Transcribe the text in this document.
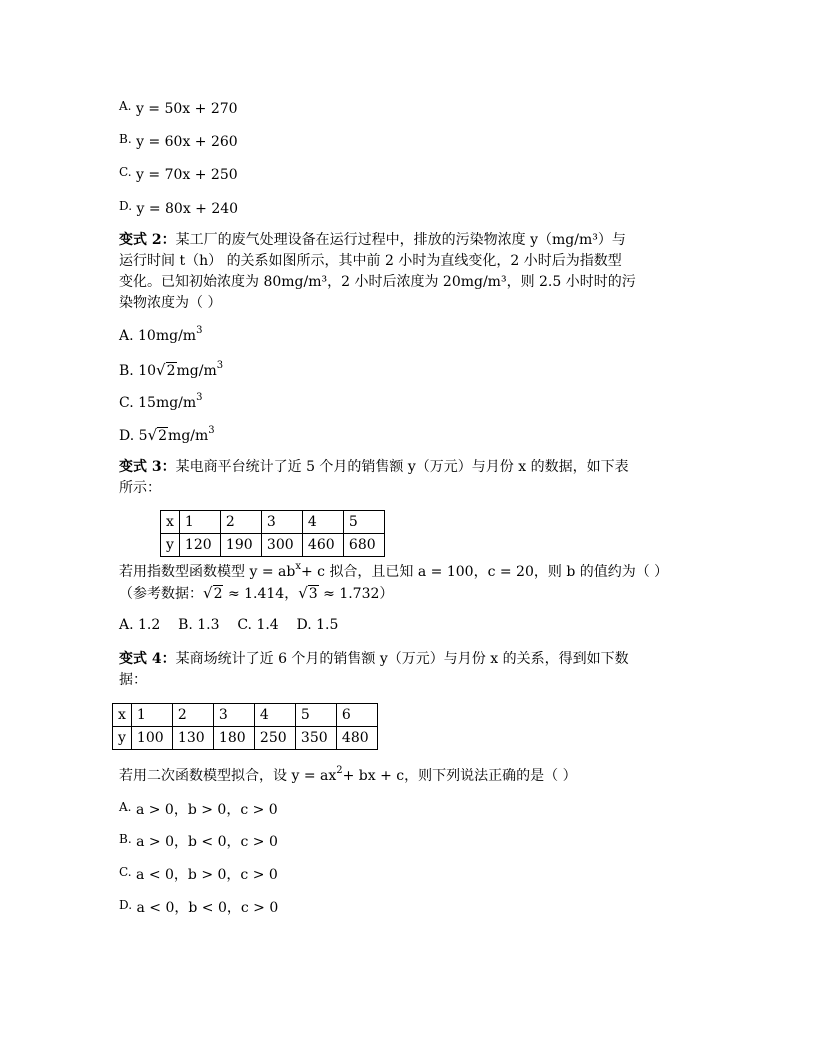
A. y = 50x + 270
B. y = 60x + 260
C. y = 70x + 250
D. y = 80x + 240
变式 2：某工厂的废气处理设备在运行过程中，排放的污染物浓度 y（mg/m³）与
运行时间 t（h） 的关系如图所示，其中前 2 小时为直线变化，2 小时后为指数型
变化。已知初始浓度为 80mg/m³，2 小时后浓度为 20mg/m³，则 2.5 小时时的污
染物浓度为（ ）
A. $10mg/m^3$
B. $10√2mg/m^3$
C. $15mg/m^3$
D. $5√2mg/m^3$
变式 3：某电商平台统计了近 5 个月的销售额 y（万元）与月份 x 的数据，如下表
所示：
x	1	2	3	4	5
y	120	190	300	460	680
若用指数型函数模型 $y = ab^x+ c$ 拟合，且已知 a = 100，c = 20，则 b 的值约为（ ）
（参考数据：√2 ≈ 1.414，√3 ≈ 1.732）
A. 1.2    B. 1.3    C. 1.4    D. 1.5
变式 4：某商场统计了近 6 个月的销售额 y（万元）与月份 x 的关系，得到如下数
据：
x	1	2	3	4	5	6
y	100	130	180	250	350	480
若用二次函数模型拟合，设 $y = ax^2+$ bx + c，则下列说法正确的是（ ）
A. a > 0，b > 0，c > 0
B. a > 0，b < 0，c > 0
C. a < 0，b > 0，c > 0
D. a < 0，b < 0，c > 0
